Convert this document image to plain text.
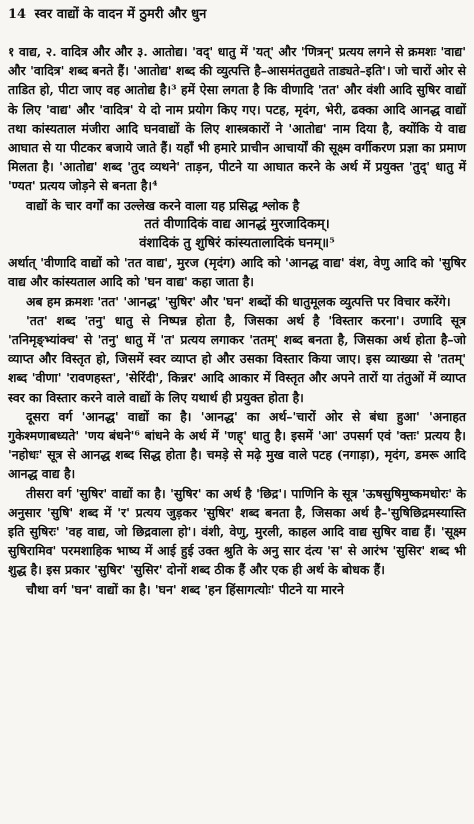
14 स्वर वाद्यों के वादन में ठुमरी और धुन

१ वाद्य, २. वादित्र और और ३. आतोद्य। 'वद्' धातु में 'यत्' और 'णित्रन्' प्रत्यय लगने से क्रमशः 'वाद्य' और 'वादित्र' शब्द बनते हैं। 'आतोद्य' शब्द की व्युत्पत्ति है–आसमंततुद्यते ताड्यते–इति'। जो चारों ओर से ताडित हो, पीटा जाए वह आतोद्य है।³ हमें ऐसा लगता है कि वीणादि 'तत' और वंशी आदि सुषिर वाद्यों के लिए 'वाद्य' और 'वादित्र' ये दो नाम प्रयोग किए गए। पटह, मृदंग, भेरी, ढक्का आदि आनद्ध वाद्यों तथा कांस्यताल मंजीरा आदि घनवाद्यों के लिए शास्त्रकारों ने 'आतोद्य' नाम दिया है, क्योंकि ये वाद्य आघात से या पीटकर बजाये जाते हैं। यहाँ भी हमारे प्राचीन आचार्यों की सूक्ष्म वर्गीकरण प्रज्ञा का प्रमाण मिलता है। 'आतोद्य' शब्द 'तुद व्यथने' ताड़न, पीटने या आघात करने के अर्थ में प्रयुक्त 'तुद्' धातु में 'ण्यत' प्रत्यय जोड़ने से बनता है।⁴

वाद्यों के चार वर्गों का उल्लेख करने वाला यह प्रसिद्ध श्लोक है

ततं वीणादिकं वाद्य आनद्धं मुरजादिकम्।

वंशादिकं तु शुषिरं कांस्यतालादिकं घनम्॥⁵

अर्थात् 'वीणादि वाद्यों को 'तत वाद्य', मुरज (मृदंग) आदि को 'आनद्ध वाद्य' वंश, वेणु आदि को 'सुषिर वाद्य और कांस्यताल आदि को 'घन वाद्य' कहा जाता है।

अब हम क्रमशः 'तत' 'आनद्ध' 'सुषिर' और 'घन' शब्दों की धातुमूलक व्युत्पत्ति पर विचार करेंगे।

'तत' शब्द 'तनु' धातु से निष्पन्न होता है, जिसका अर्थ है 'विस्तार करना'। उणादि सूत्र 'तनिमृङ्भ्यांक्च' से 'तनु' धातु में 'त' प्रत्यय लगाकर 'ततम्' शब्द बनता है, जिसका अर्थ होता है–जो व्याप्त और विस्तृत हो, जिसमें स्वर व्याप्त हो और उसका विस्तार किया जाए। इस व्याख्या से 'ततम्' शब्द 'वीणा' 'रावणहस्त', 'सेरिंदी', किन्नर' आदि आकार में विस्तृत और अपने तारों या तंतुओं में व्याप्त स्वर का विस्तार करने वाले वाद्यों के लिए यथार्थ ही प्रयुक्त होता है।

दूसरा वर्ग 'आनद्ध' वाद्यों का है। 'आनद्ध' का अर्थ–'चारों ओर से बंधा हुआ' 'अनाहत गुकेश्मणाबध्यते' 'णय बंधने'⁶ बांधने के अर्थ में 'णह्' धातु है। इसमें 'आ' उपसर्ग एवं 'क्तः' प्रत्यय है। 'नहोधः' सूत्र से आनद्ध शब्द सिद्ध होता है। चमड़े से मढ़े मुख वाले पटह (नगाड़ा), मृदंग, डमरू आदि आनद्ध वाद्य है।

तीसरा वर्ग 'सुषिर' वाद्यों का है। 'सुषिर' का अर्थ है 'छिद्र'। पाणिनि के सूत्र 'ऊषसुषिमुष्कमधोरः' के अनुसार 'सुषि' शब्द में 'र' प्रत्यय जुड़कर 'सुषिर' शब्द बनता है, जिसका अर्थ है–'सुषिछिद्रमस्यास्ति इति सुषिरः' 'वह वाद्य, जो छिद्रवाला हो'। वंशी, वेणु, मुरली, काहल आदि वाद्य सुषिर वाद्य हैं। 'सूक्ष्म सुषिरामिव' परमशाहिक भाष्य में आई हुई उक्त श्रुति के अनु सार दंत्य 'स' से आरंभ 'सुसिर' शब्द भी शुद्ध है। इस प्रकार 'सुषिर' 'सुसिर' दोनों शब्द ठीक हैं और एक ही अर्थ के बोधक हैं।

चौथा वर्ग 'घन' वाद्यों का है। 'घन' शब्द 'हन हिंसागत्योः' पीटने या मारने
